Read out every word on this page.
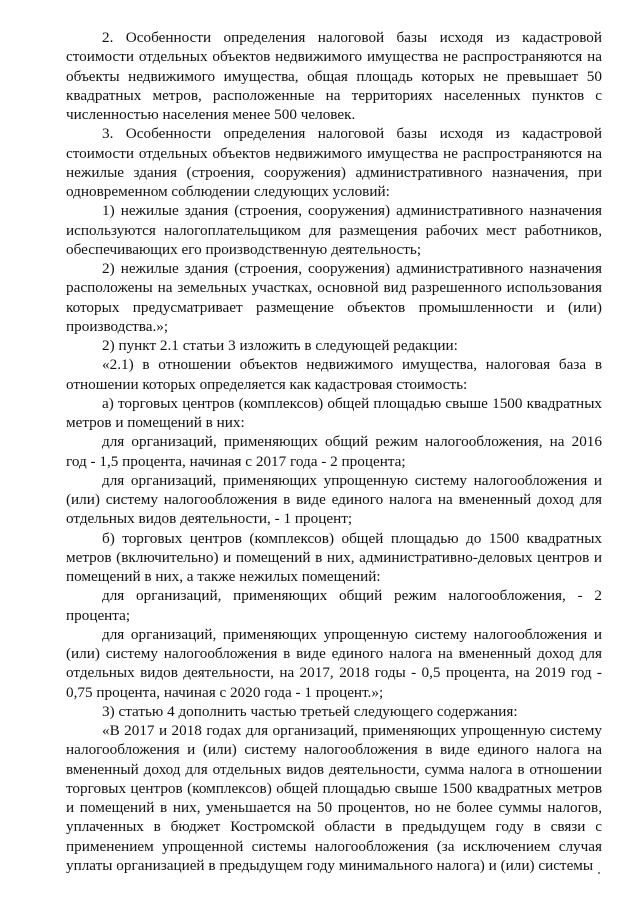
2. Особенности определения налоговой базы исходя из кадастровой стоимости отдельных объектов недвижимого имущества не распространяются на объекты недвижимого имущества, общая площадь которых не превышает 50 квадратных метров, расположенные на территориях населенных пунктов с численностью населения менее 500 человек.

3. Особенности определения налоговой базы исходя из кадастровой стоимости отдельных объектов недвижимого имущества не распространяются на нежилые здания (строения, сооружения) административного назначения, при одновременном соблюдении следующих условий:

1) нежилые здания (строения, сооружения) административного назначения используются налогоплательщиком для размещения рабочих мест работников, обеспечивающих его производственную деятельность;

2) нежилые здания (строения, сооружения) административного назначения расположены на земельных участках, основной вид разрешенного использования которых предусматривает размещение объектов промышленности и (или) производства.»;

2) пункт 2.1 статьи 3 изложить в следующей редакции:

«2.1) в отношении объектов недвижимого имущества, налоговая база в отношении которых определяется как кадастровая стоимость:

а) торговых центров (комплексов) общей площадью свыше 1500 квадратных метров и помещений в них:

для организаций, применяющих общий режим налогообложения, на 2016 год - 1,5 процента, начиная с 2017 года - 2 процента;

для организаций, применяющих упрощенную систему налогообложения и (или) систему налогообложения в виде единого налога на вмененный доход для отдельных видов деятельности, - 1 процент;

б) торговых центров (комплексов) общей площадью до 1500 квадратных метров (включительно) и помещений в них, административно-деловых центров и помещений в них, а также нежилых помещений:

для организаций, применяющих общий режим налогообложения, - 2 процента;

для организаций, применяющих упрощенную систему налогообложения и (или) систему налогообложения в виде единого налога на вмененный доход для отдельных видов деятельности, на 2017, 2018 годы - 0,5 процента, на 2019 год - 0,75 процента, начиная с 2020 года - 1 процент.»;

3) статью 4 дополнить частью третьей следующего содержания:

«В 2017 и 2018 годах для организаций, применяющих упрощенную систему налогообложения и (или) систему налогообложения в виде единого налога на вмененный доход для отдельных видов деятельности, сумма налога в отношении торговых центров (комплексов) общей площадью свыше 1500 квадратных метров и помещений в них, уменьшается на 50 процентов, но не более суммы налогов, уплаченных в бюджет Костромской области в предыдущем году в связи с применением упрощенной системы налогообложения (за исключением случая уплаты организацией в предыдущем году минимального налога) и (или) системы
